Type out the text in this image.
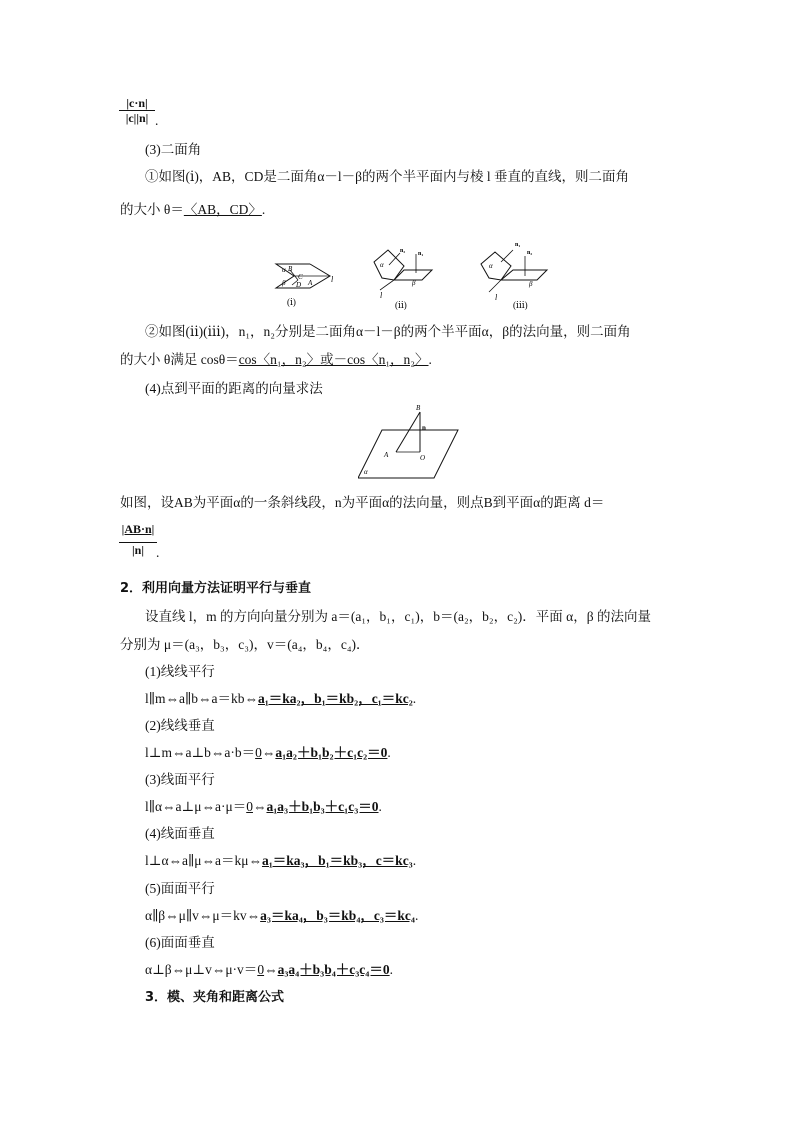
$\frac{|c\cdot n|}{|c||n|}$ .
(3)二面角
①如图(ⅰ)，AB，CD是二面角α－l－β的两个半平面内与棱 l 垂直的直线，则二面角
的大小 θ＝〈AB，CD〉.
α B
C
A
β D
l
(ⅰ)
α
β
l
n₂ n₁
(ⅱ)
α
β
l
n₁
n₂
(ⅲ)
②如图(ⅱ)(ⅲ)，n₁，n₂分别是二面角α－l－β的两个半平面α，β的法向量，则二面角
的大小 θ满足 cosθ＝cos〈n₁，n₂〉或－cos〈n₁，n₂〉.
(4)点到平面的距离的向量求法
B
n
A	O
α
如图，设AB为平面α的一条斜线段，n为平面α的法向量，则点B到平面α的距离 d＝
$\frac{|AB\cdot n|}{|n|}$ .
2．利用向量方法证明平行与垂直
设直线 l，m 的方向向量分别为 a＝(a₁，b₁，c₁)，b＝(a₂，b₂，c₂)．平面 α，β 的法向量
分别为 μ＝(a₃，b₃，c₃)，v＝(a₄，b₄，c₄)．
(1)线线平行
l∥m⇔a∥b⇔a＝kb⇔a₁＝ka₂，b₁＝kb₂，c₁＝kc₂.
(2)线线垂直
l⊥m⇔a⊥b⇔a·b＝0⇔a₁a₂＋b₁b₂＋c₁c₂＝0.
(3)线面平行
l∥α⇔a⊥μ⇔a·μ＝0⇔a₁a₃＋b₁b₃＋c₁c₃＝0.
(4)线面垂直
l⊥α⇔a∥μ⇔a＝kμ⇔a₁＝ka₃，b₁＝kb₃，c＝kc₃.
(5)面面平行
α∥β⇔μ∥v⇔μ＝kv⇔a₃＝ka₄，b₃＝kb₄，c₃＝kc₄.
(6)面面垂直
α⊥β⇔μ⊥v⇔μ·v＝0⇔a₃a₄＋b₃b₄＋c₃c₄＝0.
3．模、夹角和距离公式
